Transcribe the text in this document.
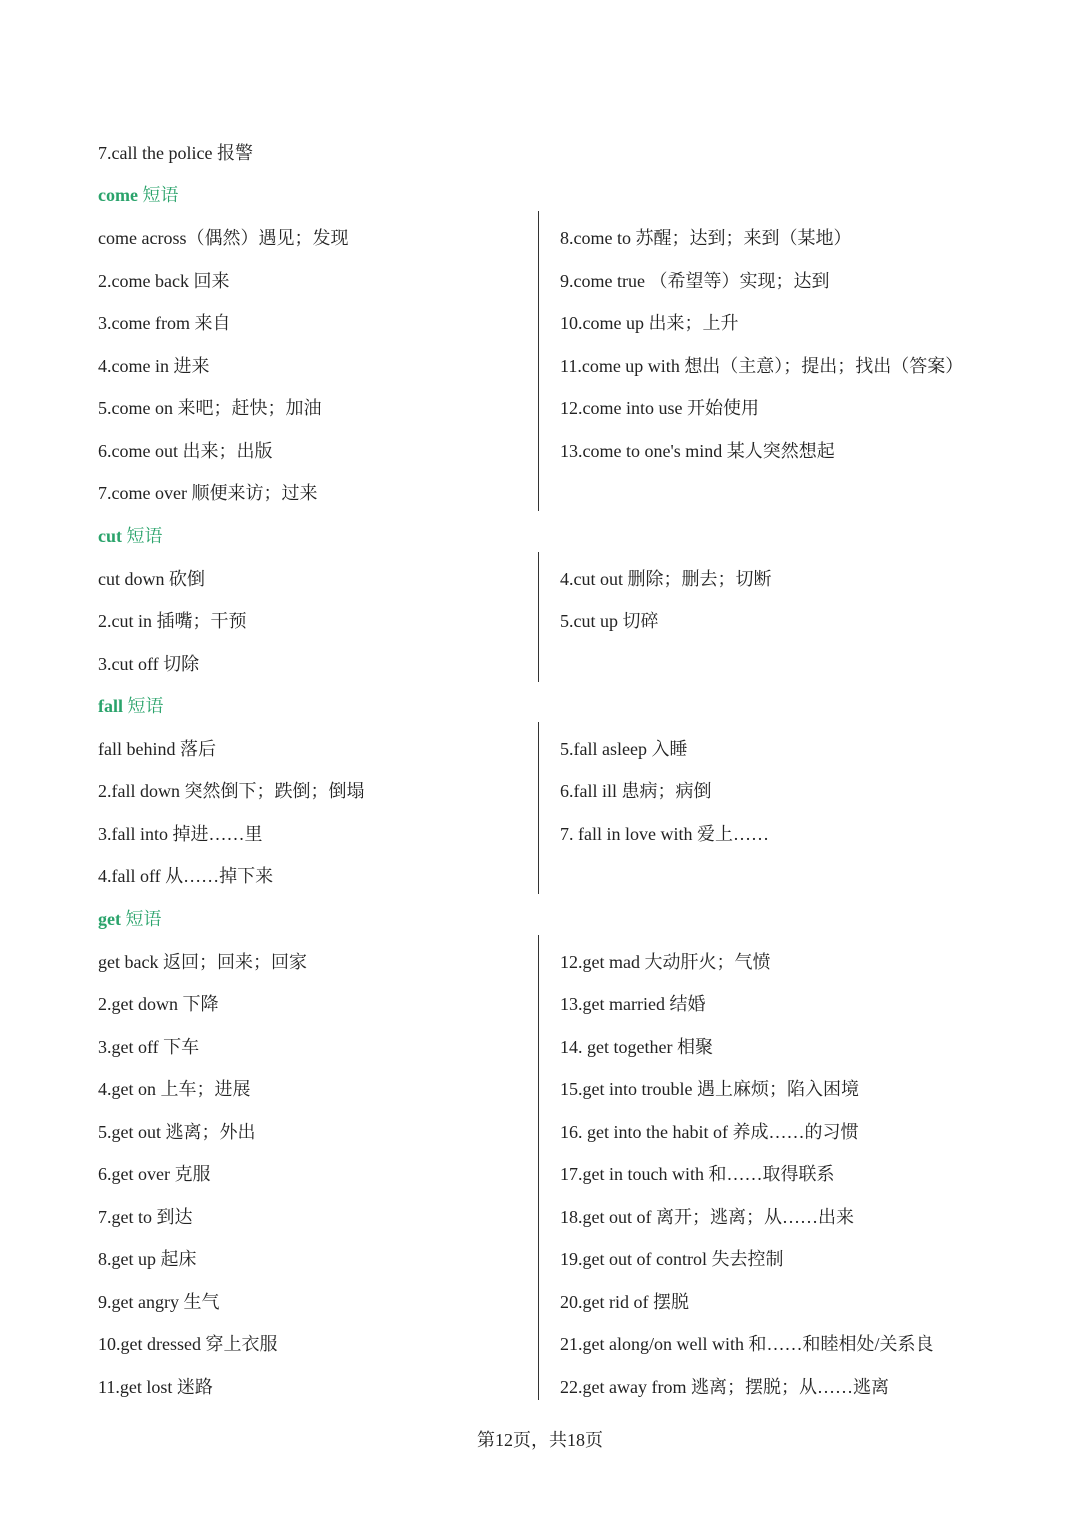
7.call the police 报警
come 短语
come across（偶然）遇见；发现
2.come back 回来
3.come from 来自
4.come in 进来
5.come on 来吧；赶快；加油
6.come out 出来；出版
7.come over 顺便来访；过来
8.come to 苏醒；达到；来到（某地）
9.come true （希望等）实现；达到
10.come up 出来；上升
11.come up with 想出（主意）；提出；找出（答案）
12.come into use 开始使用
13.come to one's mind 某人突然想起
cut 短语
cut down 砍倒
2.cut in 插嘴；干预
3.cut off 切除
4.cut out 删除；删去；切断
5.cut up 切碎
fall 短语
fall behind 落后
2.fall down 突然倒下；跌倒；倒塌
3.fall into 掉进……里
4.fall off 从……掉下来
5.fall asleep 入睡
6.fall ill 患病；病倒
7. fall in love with 爱上……
get 短语
get back 返回；回来；回家
2.get down 下降
3.get off 下车
4.get on 上车；进展
5.get out 逃离；外出
6.get over 克服
7.get to 到达
8.get up 起床
9.get angry 生气
10.get dressed 穿上衣服
11.get lost 迷路
12.get mad 大动肝火；气愤
13.get married 结婚
14. get together 相聚
15.get into trouble 遇上麻烦；陷入困境
16. get into the habit of 养成……的习惯
17.get in touch with 和……取得联系
18.get out of 离开；逃离；从……出来
19.get out of control 失去控制
20.get rid of 摆脱
21.get along/on well with 和……和睦相处/关系良
22.get away from 逃离；摆脱；从……逃离
第12页，共18页
